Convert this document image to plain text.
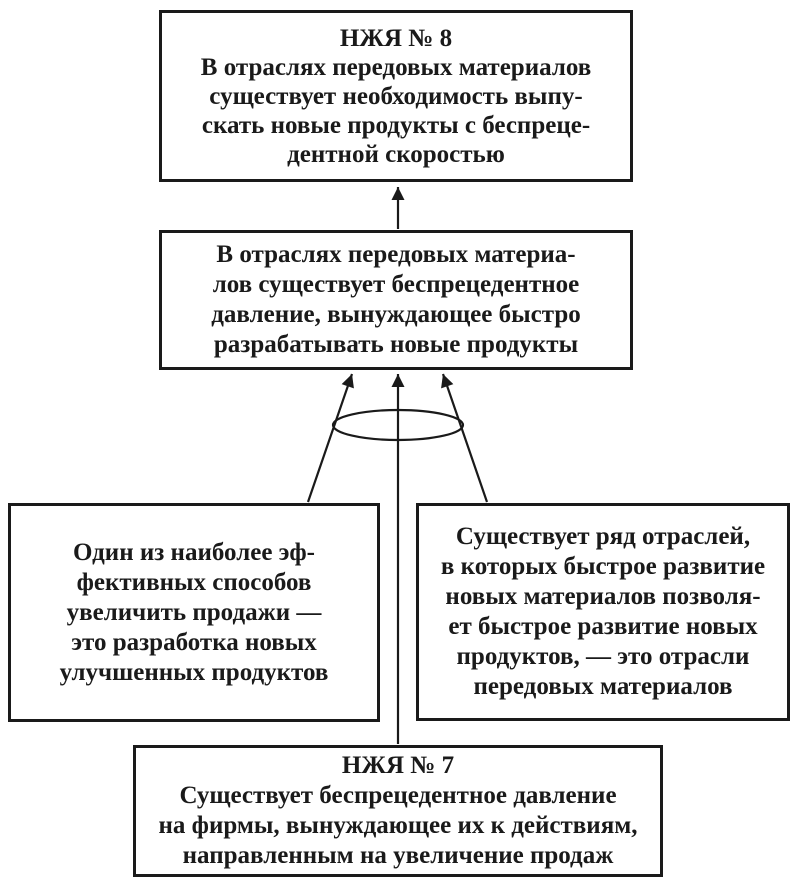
НЖЯ № 8
В отраслях передовых материалов
существует необходимость выпу-
скать новые продукты с беспреце-
дентной скоростью
В отраслях передовых материа-
лов существует беспрецедентное
давление, вынуждающее быстро
разрабатывать новые продукты
Один из наиболее эф-
фективных способов
увеличить продажи —
это разработка новых
улучшенных продуктов
Существует ряд отраслей,
в которых быстрое развитие
новых материалов позволя-
ет быстрое развитие новых
продуктов, — это отрасли
передовых материалов
НЖЯ № 7
Существует беспрецедентное давление
на фирмы, вынуждающее их к действиям,
направленным на увеличение продаж
